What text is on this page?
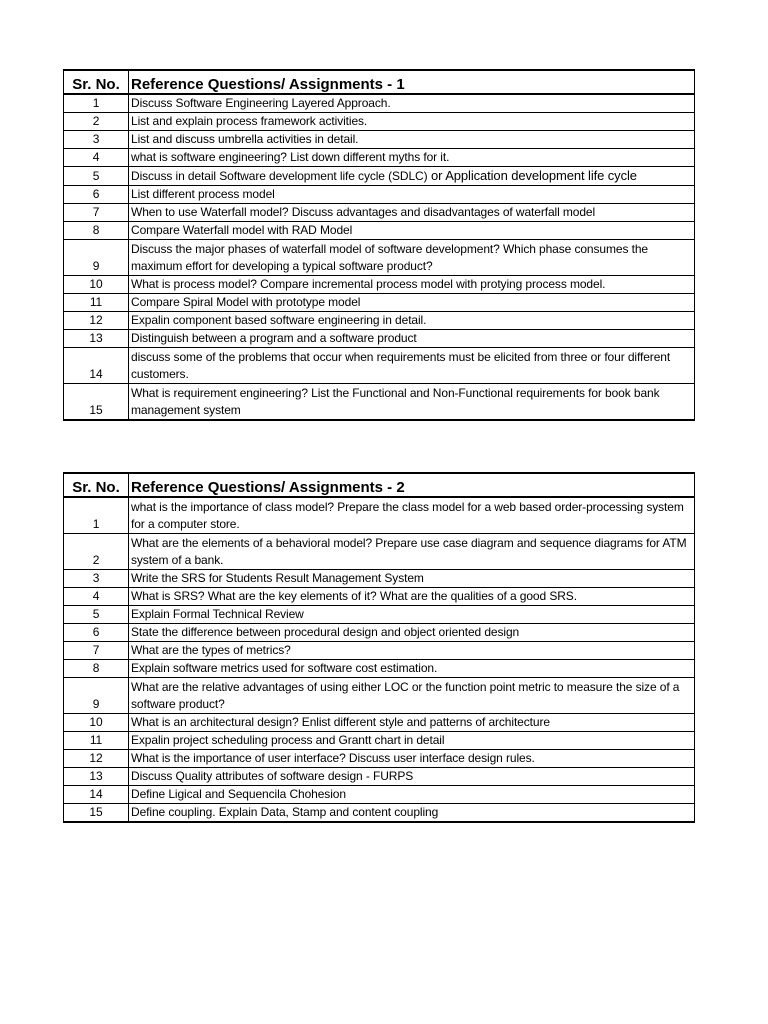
Sr. No.	Reference Questions/ Assignments - 1
1	Discuss Software Engineering Layered Approach.
2	List and explain process framework activities.
3	List and discuss umbrella activities in detail.
4	what is software engineering? List down different myths for it.
5	Discuss in detail Software development life cycle (SDLC) or Application development life cycle
6	List different process model
7	When to use Waterfall model? Discuss advantages and disadvantages of waterfall model
8	Compare Waterfall model with RAD Model
9	Discuss the major phases of waterfall model of software development? Which phase consumes the maximum effort for developing a typical software product?
10	What is process model? Compare incremental process model with protying process model.
11	Compare Spiral Model with prototype model
12	Expalin component based software engineering in detail.
13	Distinguish between a program and a software product
14	discuss some of the problems that occur when requirements must be elicited from three or four different customers.
15	What is requirement engineering? List the Functional and Non-Functional requirements for book bank management system
Sr. No.	Reference Questions/ Assignments - 2
1	what is the importance of class model? Prepare the class model for a web based order-processing system for a computer store.
2	What are the elements of a behavioral model? Prepare use case diagram and sequence diagrams for ATM system of a bank.
3	Write the SRS for Students Result Management System
4	What is SRS? What are the key elements of it? What are the qualities of a good SRS.
5	Explain Formal Technical Review
6	State the difference between procedural design and object oriented design
7	What are the types of metrics?
8	Explain software metrics used for software cost estimation.
9	What are the relative advantages of using either LOC or the function point metric to measure the size of a software product?
10	What is an architectural design? Enlist different style and patterns of architecture
11	Expalin project scheduling process and Grantt chart in detail
12	What is the importance of user interface? Discuss user interface design rules.
13	Discuss Quality attributes of software design - FURPS
14	Define Ligical and Sequencila Chohesion
15	Define coupling. Explain Data, Stamp and content coupling
